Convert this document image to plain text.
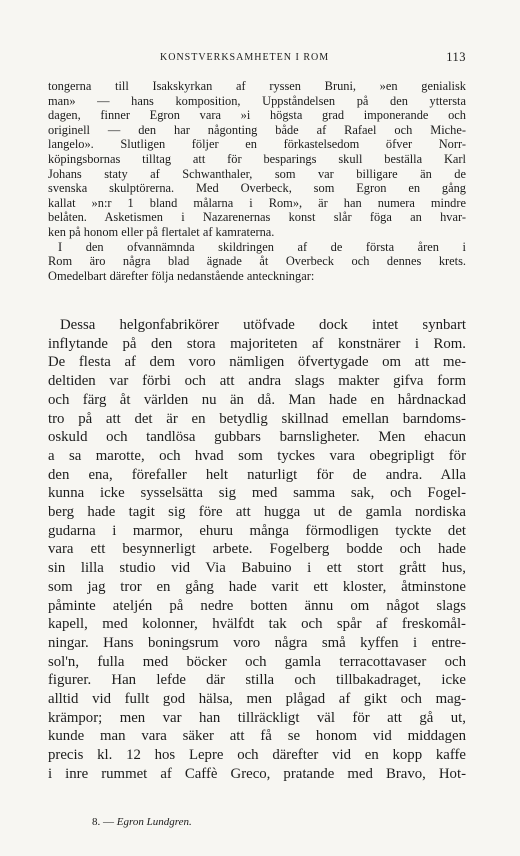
KONSTVERKSAMHETEN I ROM	113
tongerna till Isakskyrkan af ryssen Bruni, »en genialisk
man» — hans komposition, Uppståndelsen på den yttersta
dagen, finner Egron vara »i högsta grad imponerande och
originell — den har någonting både af Rafael och Miche-
langelo». Slutligen följer en förkastelsedom öfver Norr-
köpingsbornas tilltag att för besparings skull beställa Karl
Johans staty af Schwanthaler, som var billigare än de
svenska skulptörerna. Med Overbeck, som Egron en gång
kallat »n:r 1 bland målarna i Rom», är han numera mindre
belåten. Asketismen i Nazarenernas konst slår föga an hvar-
ken på honom eller på flertalet af kamraterna.
I den ofvannämnda skildringen af de första åren i
Rom äro några blad ägnade åt Overbeck och dennes krets.
Omedelbart därefter följa nedanstående anteckningar:
Dessa helgonfabrikörer utöfvade dock intet synbart
inflytande på den stora majoriteten af konstnärer i Rom.
De flesta af dem voro nämligen öfvertygade om att me-
deltiden var förbi och att andra slags makter gifva form
och färg åt världen nu än då. Man hade en hårdnackad
tro på att det är en betydlig skillnad emellan barndoms-
oskuld och tandlösa gubbars barnsligheter. Men ehacun
a sa marotte, och hvad som tyckes vara obegripligt för
den ena, förefaller helt naturligt för de andra. Alla
kunna icke sysselsätta sig med samma sak, och Fogel-
berg hade tagit sig före att hugga ut de gamla nordiska
gudarna i marmor, ehuru många förmodligen tyckte det
vara ett besynnerligt arbete. Fogelberg bodde och hade
sin lilla studio vid Via Babuino i ett stort grått hus,
som jag tror en gång hade varit ett kloster, åtminstone
påminte ateljén på nedre botten ännu om något slags
kapell, med kolonner, hvälfdt tak och spår af freskomål-
ningar. Hans boningsrum voro några små kyffen i entre-
sol'n, fulla med böcker och gamla terracottavaser och
figurer. Han lefde där stilla och tillbakadraget, icke
alltid vid fullt god hälsa, men plågad af gikt och mag-
krämpor; men var han tillräckligt väl för att gå ut,
kunde man vara säker att få se honom vid middagen
precis kl. 12 hos Lepre och därefter vid en kopp kaffe
i inre rummet af Caffè Greco, pratande med Bravo, Hot-
8. — Egron Lundgren.
